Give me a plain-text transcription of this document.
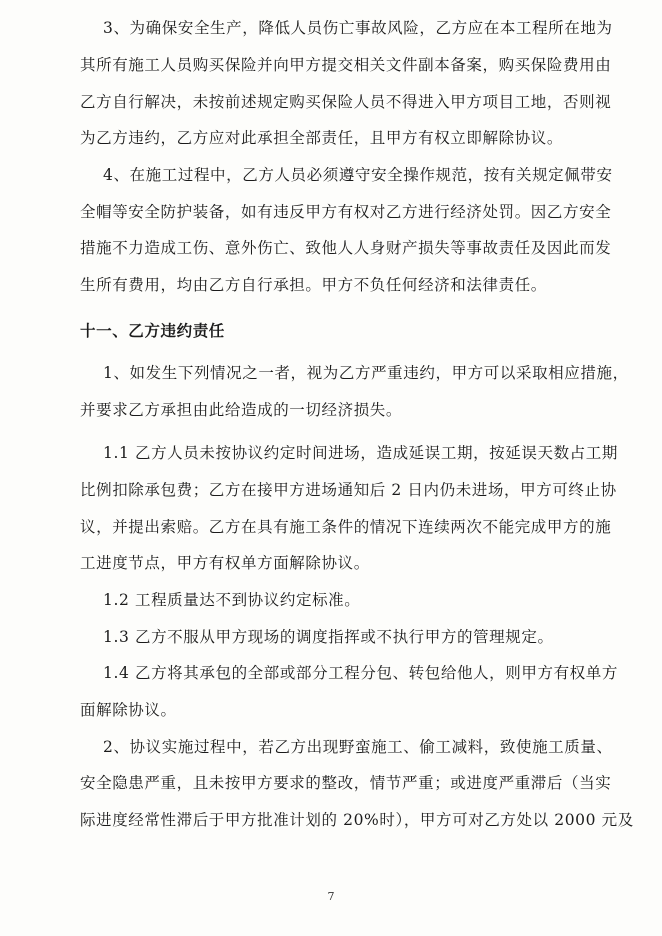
3、为确保安全生产，降低人员伤亡事故风险，乙方应在本工程所在地为
其所有施工人员购买保险并向甲方提交相关文件副本备案，购买保险费用由
乙方自行解决，未按前述规定购买保险人员不得进入甲方项目工地，否则视
为乙方违约，乙方应对此承担全部责任，且甲方有权立即解除协议。
4、在施工过程中，乙方人员必须遵守安全操作规范，按有关规定佩带安
全帽等安全防护装备，如有违反甲方有权对乙方进行经济处罚。因乙方安全
措施不力造成工伤、意外伤亡、致他人人身财产损失等事故责任及因此而发
生所有费用，均由乙方自行承担。甲方不负任何经济和法律责任。
十一、乙方违约责任
1、如发生下列情况之一者，视为乙方严重违约，甲方可以采取相应措施，
并要求乙方承担由此给造成的一切经济损失。
1.1 乙方人员未按协议约定时间进场，造成延误工期，按延误天数占工期
比例扣除承包费；乙方在接甲方进场通知后 2 日内仍未进场，甲方可终止协
议，并提出索赔。乙方在具有施工条件的情况下连续两次不能完成甲方的施
工进度节点，甲方有权单方面解除协议。
1.2 工程质量达不到协议约定标准。
1.3 乙方不服从甲方现场的调度指挥或不执行甲方的管理规定。
1.4 乙方将其承包的全部或部分工程分包、转包给他人，则甲方有权单方
面解除协议。
2、协议实施过程中，若乙方出现野蛮施工、偷工减料，致使施工质量、
安全隐患严重，且未按甲方要求的整改，情节严重；或进度严重滞后（当实
际进度经常性滞后于甲方批准计划的 20%时），甲方可对乙方处以 2000 元及
7
